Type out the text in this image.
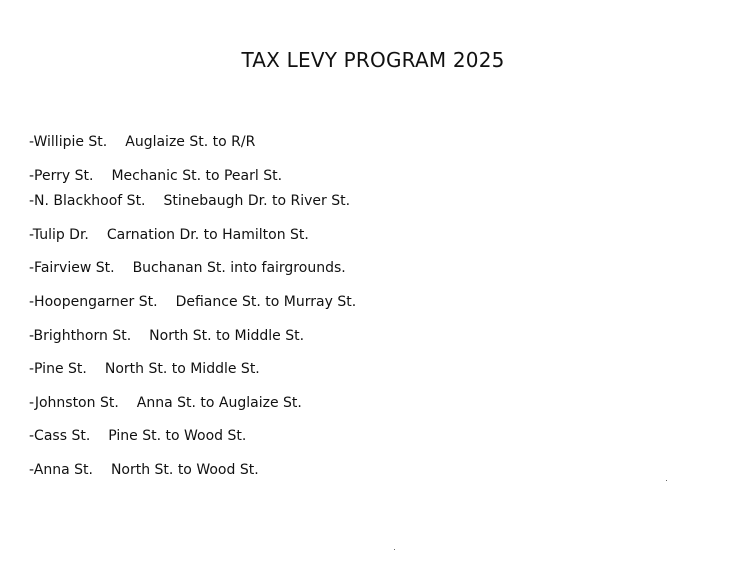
TAX LEVY PROGRAM 2025
-Willipie St. Auglaize St. to R/R
-Perry St. Mechanic St. to Pearl St.
-N. Blackhoof St. Stinebaugh Dr. to River St.
-Tulip Dr. Carnation Dr. to Hamilton St.
-Fairview St. Buchanan St. into fairgrounds.
-Hoopengarner St. Defiance St. to Murray St.
-Brighthorn St. North St. to Middle St.
-Pine St. North St. to Middle St.
-Johnston St. Anna St. to Auglaize St.
-Cass St. Pine St. to Wood St.
-Anna St. North St. to Wood St.
